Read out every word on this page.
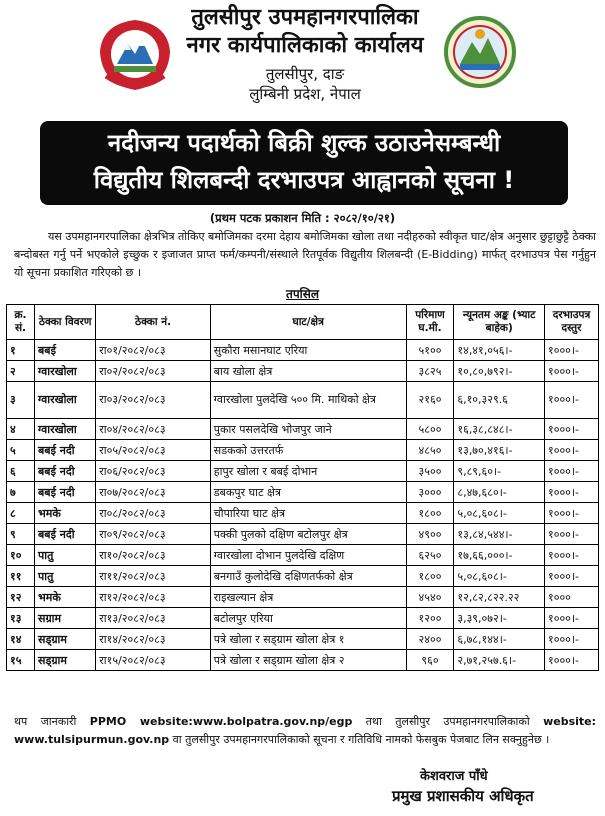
तुलसीपुर उपमहानगरपालिका
नगर कार्यपालिकाको कार्यालय
तुलसीपुर, दाङ
लुम्बिनी प्रदेश, नेपाल
नदीजन्य पदार्थको बिक्री शुल्क उठाउनेसम्बन्धी
विद्युतीय शिलबन्दी दरभाउपत्र आह्वानको सूचना !
(प्रथम पटक प्रकाशन मिति : २०८२/१०/२१)
यस उपमहानगरपालिका क्षेत्रभित्र तोकिए बमोजिमका दरमा देहाय बमोजिमका खोला तथा नदीहरुको स्वीकृत घाट/क्षेत्र अनुसार छुट्टाछुट्टै ठेक्का बन्दोबस्त गर्नु पर्ने भएकोले इच्छुक र इजाजत प्राप्त फर्म/कम्पनी/संस्थाले रितपूर्वक विद्युतीय शिलबन्दी (E-Bidding) मार्फत् दरभाउपत्र पेस गर्नुहुन यो सूचना प्रकाशित गरिएको छ ।
तपसिल
क्र. सं.	ठेक्का विवरण	ठेक्का नं.	घाट/क्षेत्र	परिमाण घ.मी.	न्यूनतम अङ्क (भ्याट बाहेक)	दरभाउपत्र दस्तुर
१	बबई	रा०१/२०८२/०८३	सुकौरा मसानघाट एरिया	५१००	१४,४१,०५६।-	१०००।-
२	ग्वारखोला	रा०२/२०८२/०८३	बाय खोला क्षेत्र	३८२५	१०,८०,७९२।-	१०००।-
३	ग्वारखोला	रा०३/२०८२/०८३	ग्वारखोला पुलदेखि ५०० मि. माथिको क्षेत्र	२१६०	६,१०,३२९.६	१०००।-
४	ग्वारखोला	रा०४/२०८२/०८३	पुकार पसलदेखि भोजपुर जाने	५८००	१६,३८,८४८।-	१०००।-
५	बबई नदी	रा०५/२०८२/०८३	सडकको उत्तरतर्फ	४८५०	१३,७०,४१६।-	१०००।-
६	बबई नदी	रा०६/२०८२/०८३	हापुर खोला र बबई दोभान	३५००	९,८९,६०।-	१०००।-
७	बबई नदी	रा०७/२०८२/०८३	डबकपुर घाट क्षेत्र	३०००	८,४७,६८०।-	१०००।-
८	भमके	रा०८/२०८२/०८३	चौपारिया घाट क्षेत्र	१८००	५,०८,६०८।-	१०००।-
९	बबई नदी	रा०९/२०८२/०८३	पक्की पुलको दक्षिण बटोलपुर क्षेत्र	४९००	१३,८४,५४४।-	१०००।-
१०	पातु	रा१०/२०८२/०८३	ग्वारखोला दोभान पुलदेखि दक्षिण	६२५०	१७,६६,०००।-	१०००।-
११	पातु	रा११/२०८२/०८३	बनगाउँ कुलोदेखि दक्षिणतर्फको क्षेत्र	१८००	५,०८,६०८।-	१०००।-
१२	भमके	रा१२/२०८२/०८३	राइखल्यान क्षेत्र	४५४०	१२,८२,८२२.२२	१०००
१३	सग्राम	रा१३/२०८२/०८३	बटोलपुर एरिया	१२००	३,३९,०७२।-	१०००।-
१४	सड्ग्राम	रा१४/२०८२/०८३	पत्रे खोला र सड्ग्राम खोला क्षेत्र १	२४००	६,७८,१४४।-	१०००।-
१५	सड्ग्राम	रा१५/२०८२/०८३	पत्रे खोला र सड्ग्राम खोला क्षेत्र २	९६०	२,७१,२५७.६।-	१०००।-
थप जानकारी PPMO website:www.bolpatra.gov.np/egp तथा तुलसीपुर उपमहानगरपालिकाको website: www.tulsipurmun.gov.np वा तुलसीपुर उपमहानगरपालिकाको सूचना र गतिविधि नामको फेसबुक पेजबाट लिन सक्नुहुनेछ ।
केशवराज पाँधे
प्रमुख प्रशासकीय अधिकृत
